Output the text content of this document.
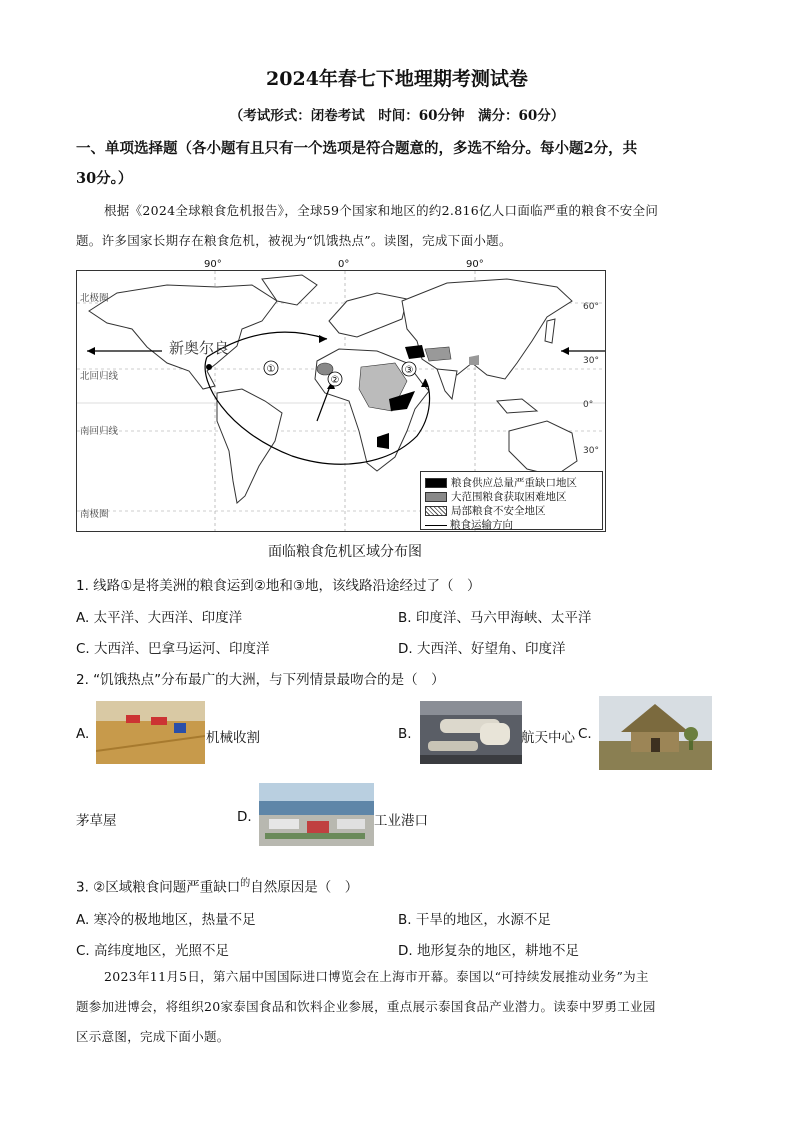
2024年春七下地理期考测试卷
（考试形式：闭卷考试　时间：60分钟　满分：60分）
一、单项选择题（各小题有且只有一个选项是符合题意的，多选不给分。每小题2分，共
30分。）
根据《2024全球粮食危机报告》，全球59个国家和地区的约2.816亿人口面临严重的粮食不安全问
题。许多国家长期存在粮食危机，被视为“饥饿热点”。读图，完成下面小题。
①
②
③
北极圈
北回归线
南回归线
南极圈
新奥尔良
60°
30°
0°
30°
90°	0°	90°
粮食供应总量严重缺口地区
大范围粮食获取困难地区
局部粮食不安全地区
粮食运输方向
面临粮食危机区域分布图
1. 线路①是将美洲的粮食运到②地和③地，该线路沿途经过了（　）
A. 太平洋、大西洋、印度洋	B. 印度洋、马六甲海峡、太平洋
C. 大西洋、巴拿马运河、印度洋	D. 大西洋、好望角、印度洋
2. “饥饿热点”分布最广的大洲，与下列情景最吻合的是（　）
A.	机械收割	B.	航天中心 C.
茅草屋	D.	工业港口
3. ②区域粮食问题严重缺口$^的$自然原因是（　）
A. 寒冷的极地地区，热量不足	B. 干旱的地区，水源不足
C. 高纬度地区，光照不足	D. 地形复杂的地区，耕地不足
2023年11月5日，第六届中国国际进口博览会在上海市开幕。泰国以“可持续发展推动业务”为主
题参加进博会，将组织20家泰国食品和饮料企业参展，重点展示泰国食品产业潜力。读泰中罗勇工业园
区示意图，完成下面小题。
